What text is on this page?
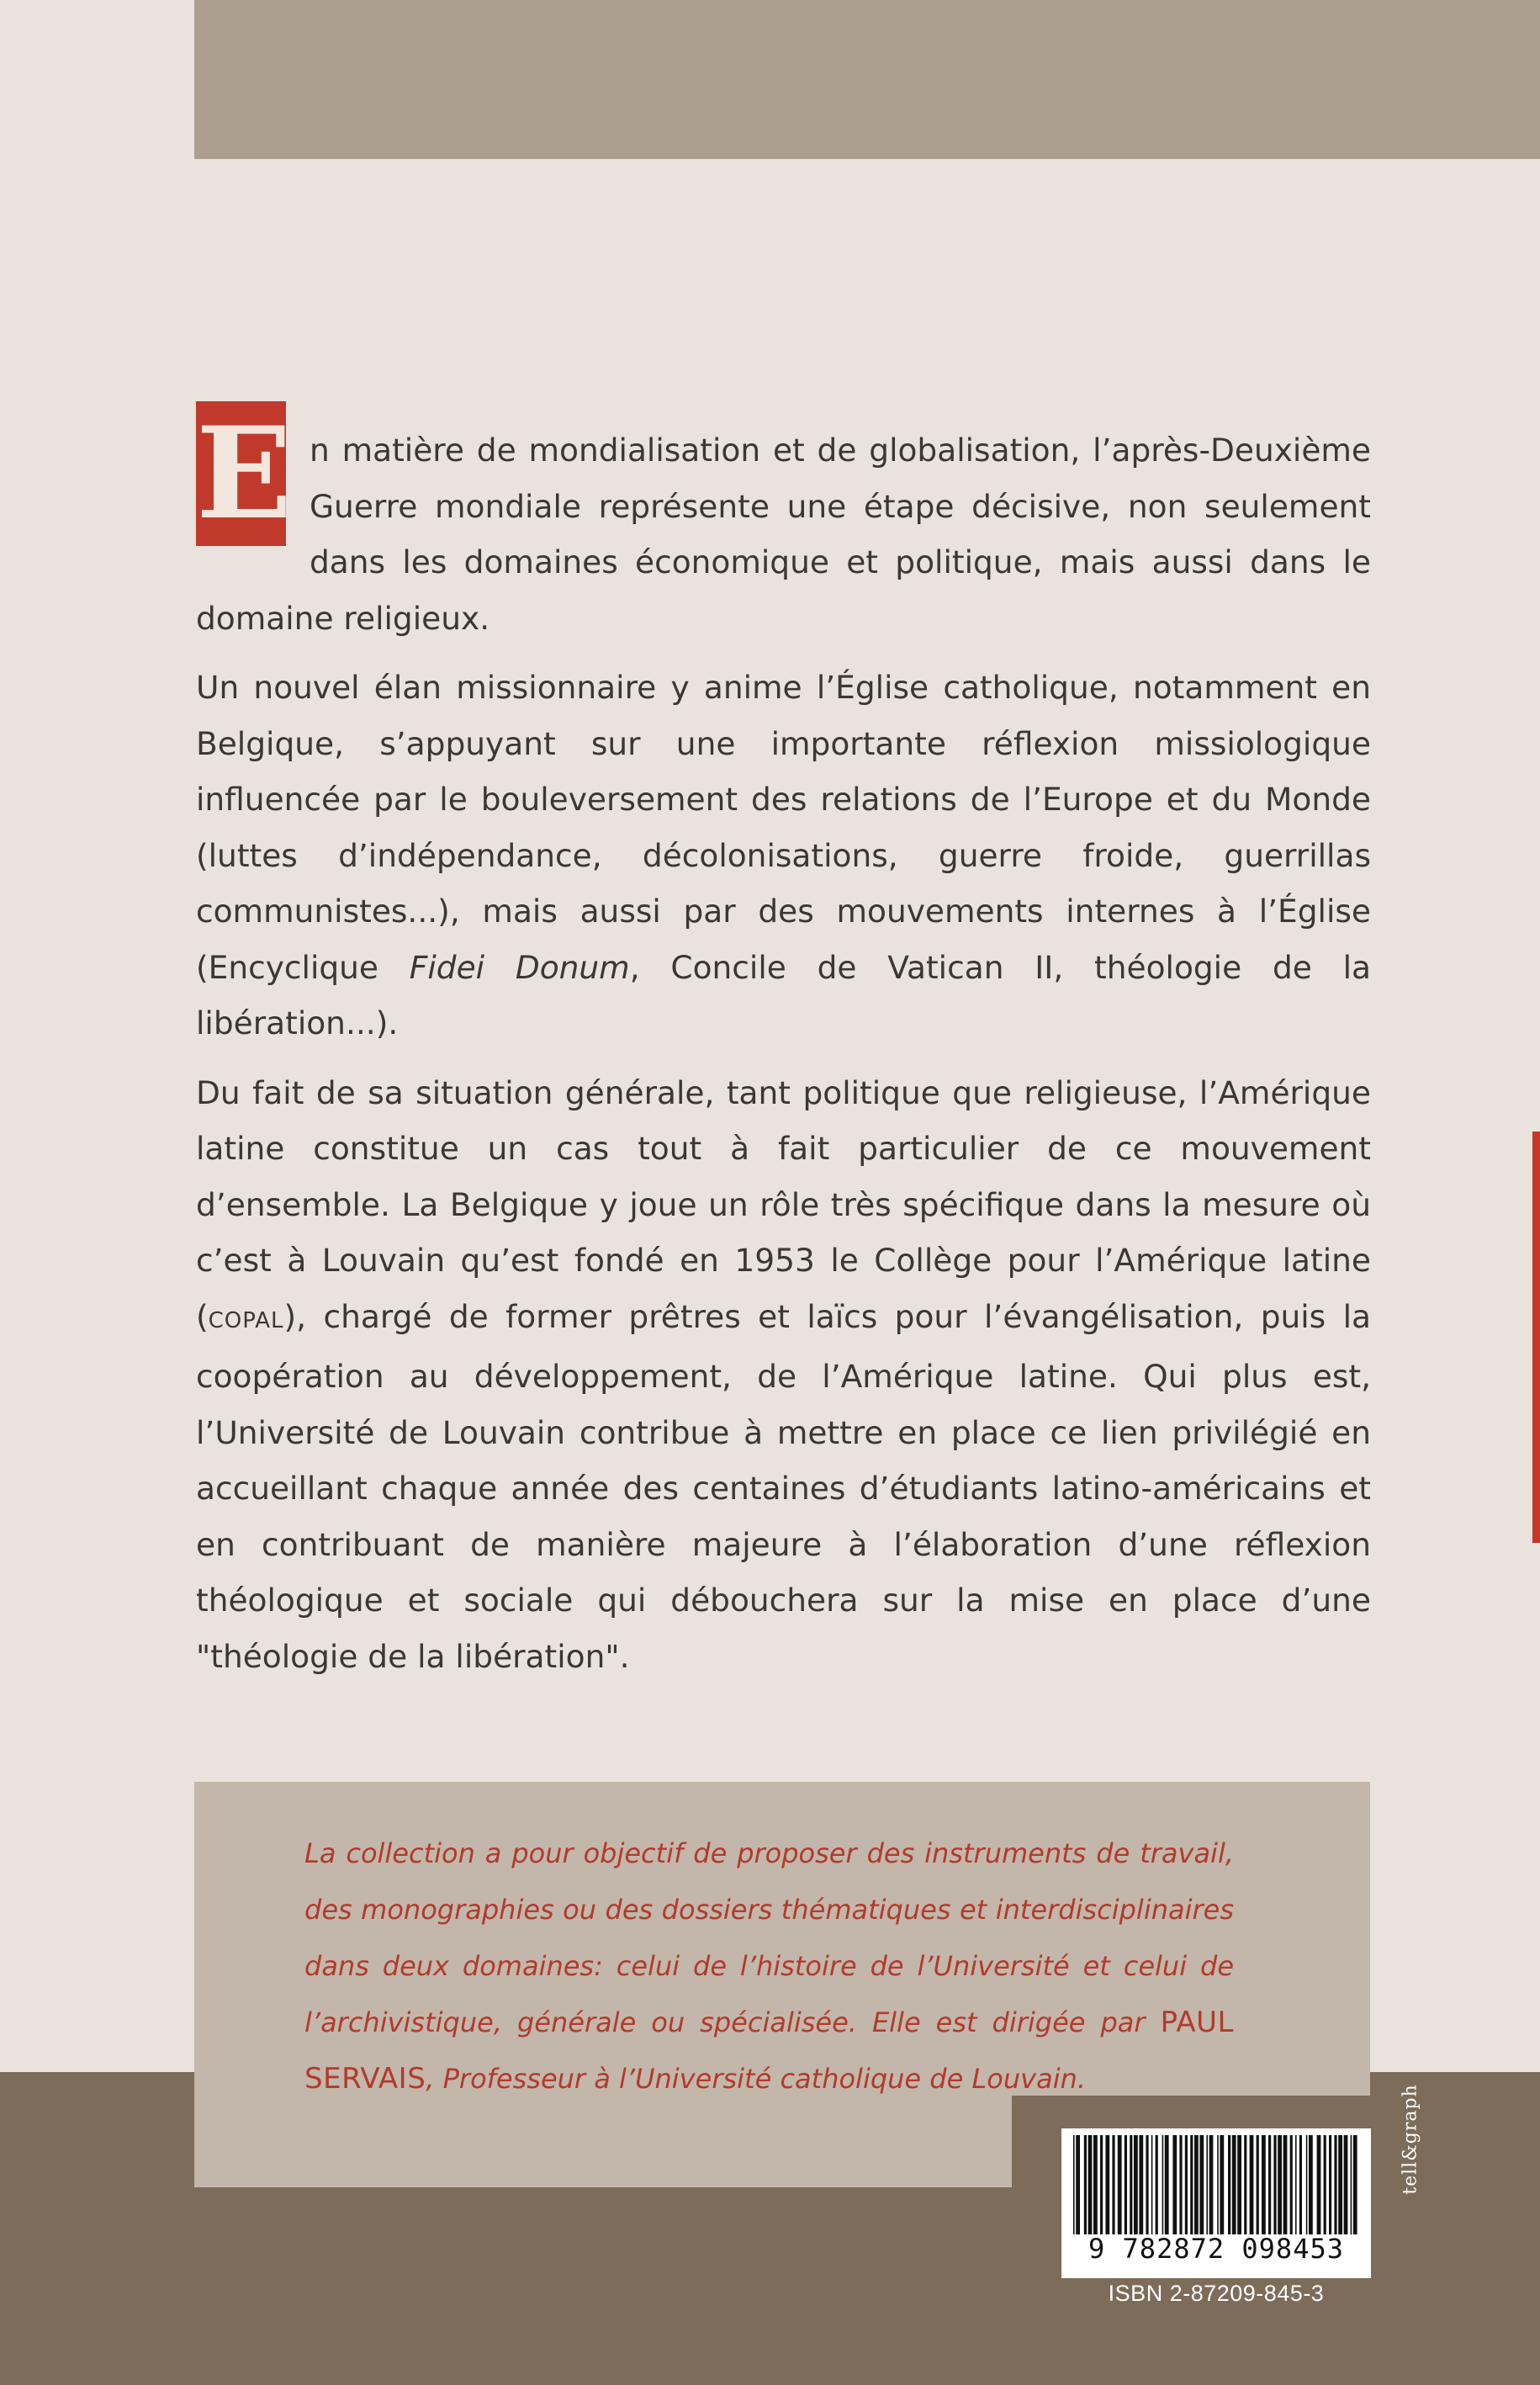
E n matière de mondialisation et de globalisation, l’après-Deuxième Guerre mondiale représente une étape décisive, non seulement dans les domaines économique et politique, mais aussi dans le domaine religieux.

Un nouvel élan missionnaire y anime l’Église catholique, notamment en Belgique, s’appuyant sur une importante réflexion missiologique influencée par le bouleversement des relations de l’Europe et du Monde (luttes d’indépendance, décolonisations, guerre froide, guerrillas communistes...), mais aussi par des mouvements internes à l’Église (Encyclique Fidei Donum, Concile de Vatican II, théologie de la libération...).

Du fait de sa situation générale, tant politique que religieuse, l’Amérique latine constitue un cas tout à fait particulier de ce mouvement d’ensemble. La Belgique y joue un rôle très spécifique dans la mesure où c’est à Louvain qu’est fondé en 1953 le Collège pour l’Amérique latine (COPAL), chargé de former prêtres et laïcs pour l’évangélisation, puis la coopération au développement, de l’Amérique latine. Qui plus est, l’Université de Louvain contribue à mettre en place ce lien privilégié en accueillant chaque année des centaines d’étudiants latino-américains et en contribuant de manière majeure à l’élaboration d’une réflexion théologique et sociale qui débouchera sur la mise en place d’une "théologie de la libération".

La collection a pour objectif de proposer des instruments de travail, des monographies ou des dossiers thématiques et interdisciplinaires dans deux domaines: celui de l’histoire de l’Université et celui de l’archivistique, générale ou spécialisée. Elle est dirigée par PAUL SERVAIS, Professeur à l’Université catholique de Louvain.
9 782872 098453
ISBN 2-87209-845-3
tell&graph
